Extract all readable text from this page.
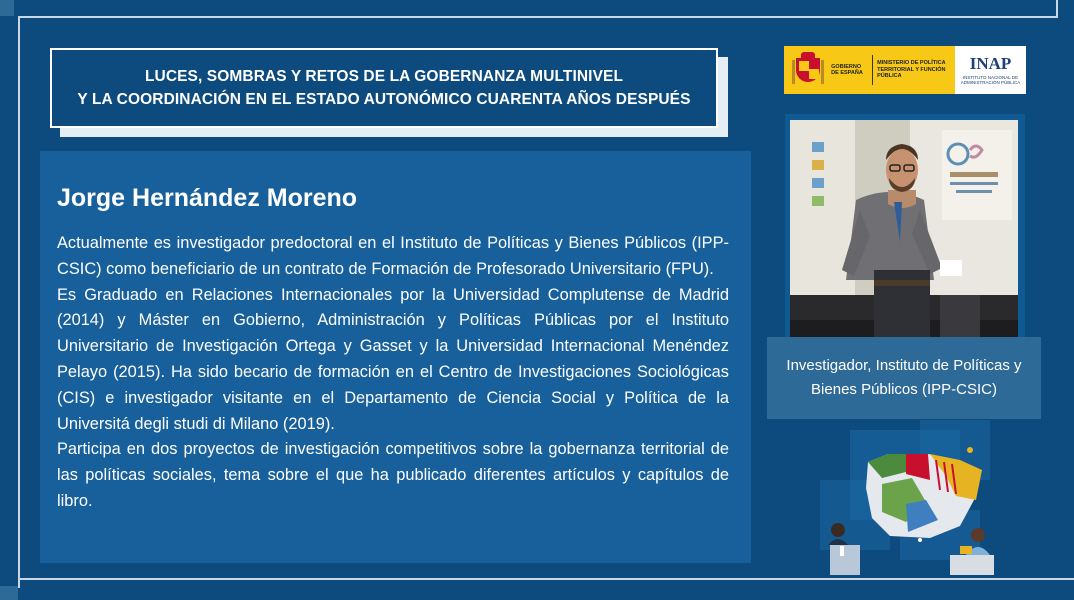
LUCES, SOMBRAS Y RETOS DE LA GOBERNANZA MULTINIVEL
Y LA COORDINACIÓN EN EL ESTADO AUTONÓMICO CUARENTA AÑOS DESPUÉS
Jorge Hernández Moreno

Actualmente es investigador predoctoral en el Instituto de Políticas y Bienes Públicos (IPP-CSIC) como beneficiario de un contrato de Formación de Profesorado Universitario (FPU).

Es Graduado en Relaciones Internacionales por la Universidad Complutense de Madrid (2014) y Máster en Gobierno, Administración y Políticas Públicas por el Instituto Universitario de Investigación Ortega y Gasset y la Universidad Internacional Menéndez Pelayo (2015). Ha sido becario de formación en el Centro de Investigaciones Sociológicas (CIS) e investigador visitante en el Departamento de Ciencia Social y Política de la Universitá degli studi di Milano (2019).

Participa en dos proyectos de investigación competitivos sobre la gobernanza territorial de las políticas sociales, tema sobre el que ha publicado diferentes artículos y capítulos de libro.

GOBIERNO DE ESPAÑA
MINISTERIO DE POLÍTICA TERRITORIAL Y FUNCIÓN PÚBLICA
INAP
INSTITUTO NACIONAL DE ADMINISTRACIÓN PÚBLICA
Investigador, Instituto de Políticas y Bienes Públicos (IPP-CSIC)
